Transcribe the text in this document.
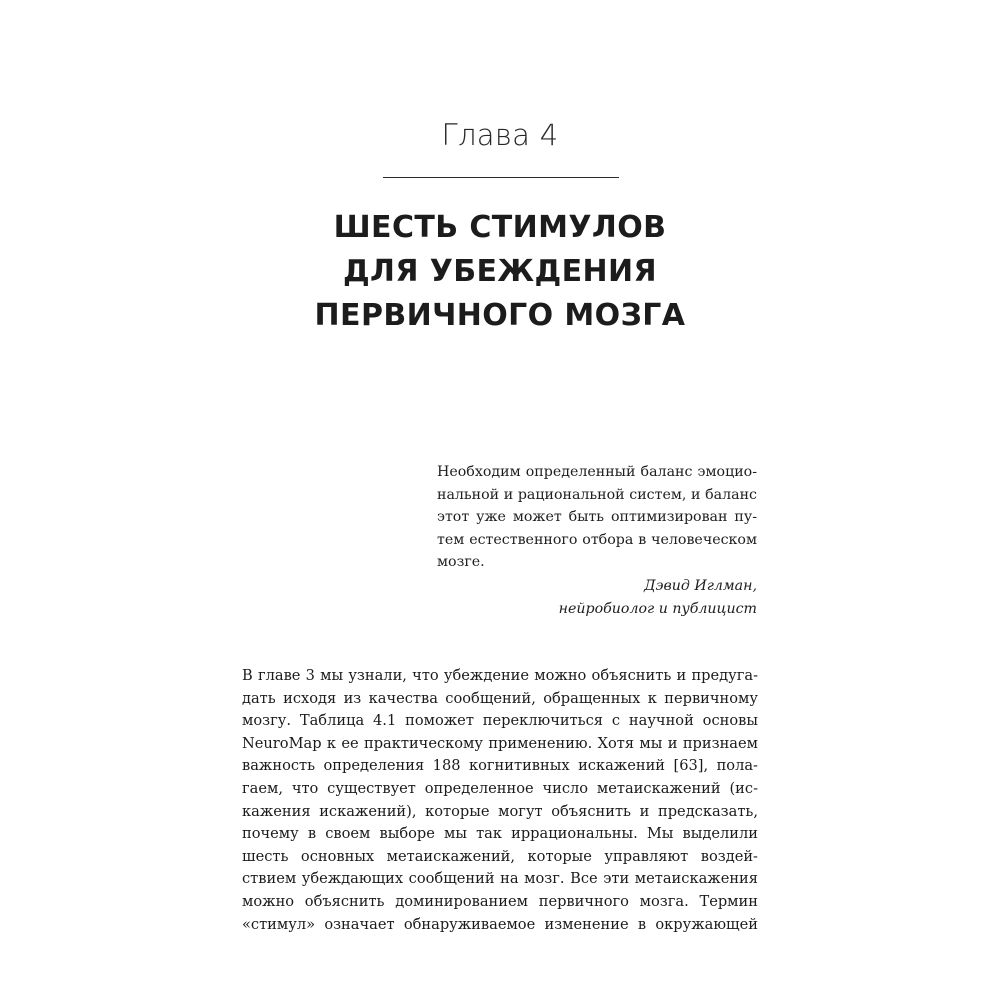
Глава 4
ШЕСТЬ СТИМУЛОВ
ДЛЯ УБЕЖДЕНИЯ
ПЕРВИЧНОГО МОЗГА
Необходим определенный баланс эмоцио-
нальной и рациональной систем, и баланс
этот уже может быть оптимизирован пу-
тем естественного отбора в человеческом
мозге.
Дэвид Иглман,
нейробиолог и публицист
В главе 3 мы узнали, что убеждение можно объяснить и предуга-
дать исходя из качества сообщений, обращенных к первичному
мозгу. Таблица 4.1 поможет переключиться с научной основы
NeuroMap к ее практическому применению. Хотя мы и признаем
важность определения 188 когнитивных искажений [63], пола-
гаем, что существует определенное число метаискажений (ис-
кажения искажений), которые могут объяснить и предсказать,
почему в своем выборе мы так иррациональны. Мы выделили
шесть основных метаискажений, которые управляют воздей-
ствием убеждающих сообщений на мозг. Все эти метаискажения
можно объяснить доминированием первичного мозга. Термин
«стимул» означает обнаруживаемое изменение в окружающей
